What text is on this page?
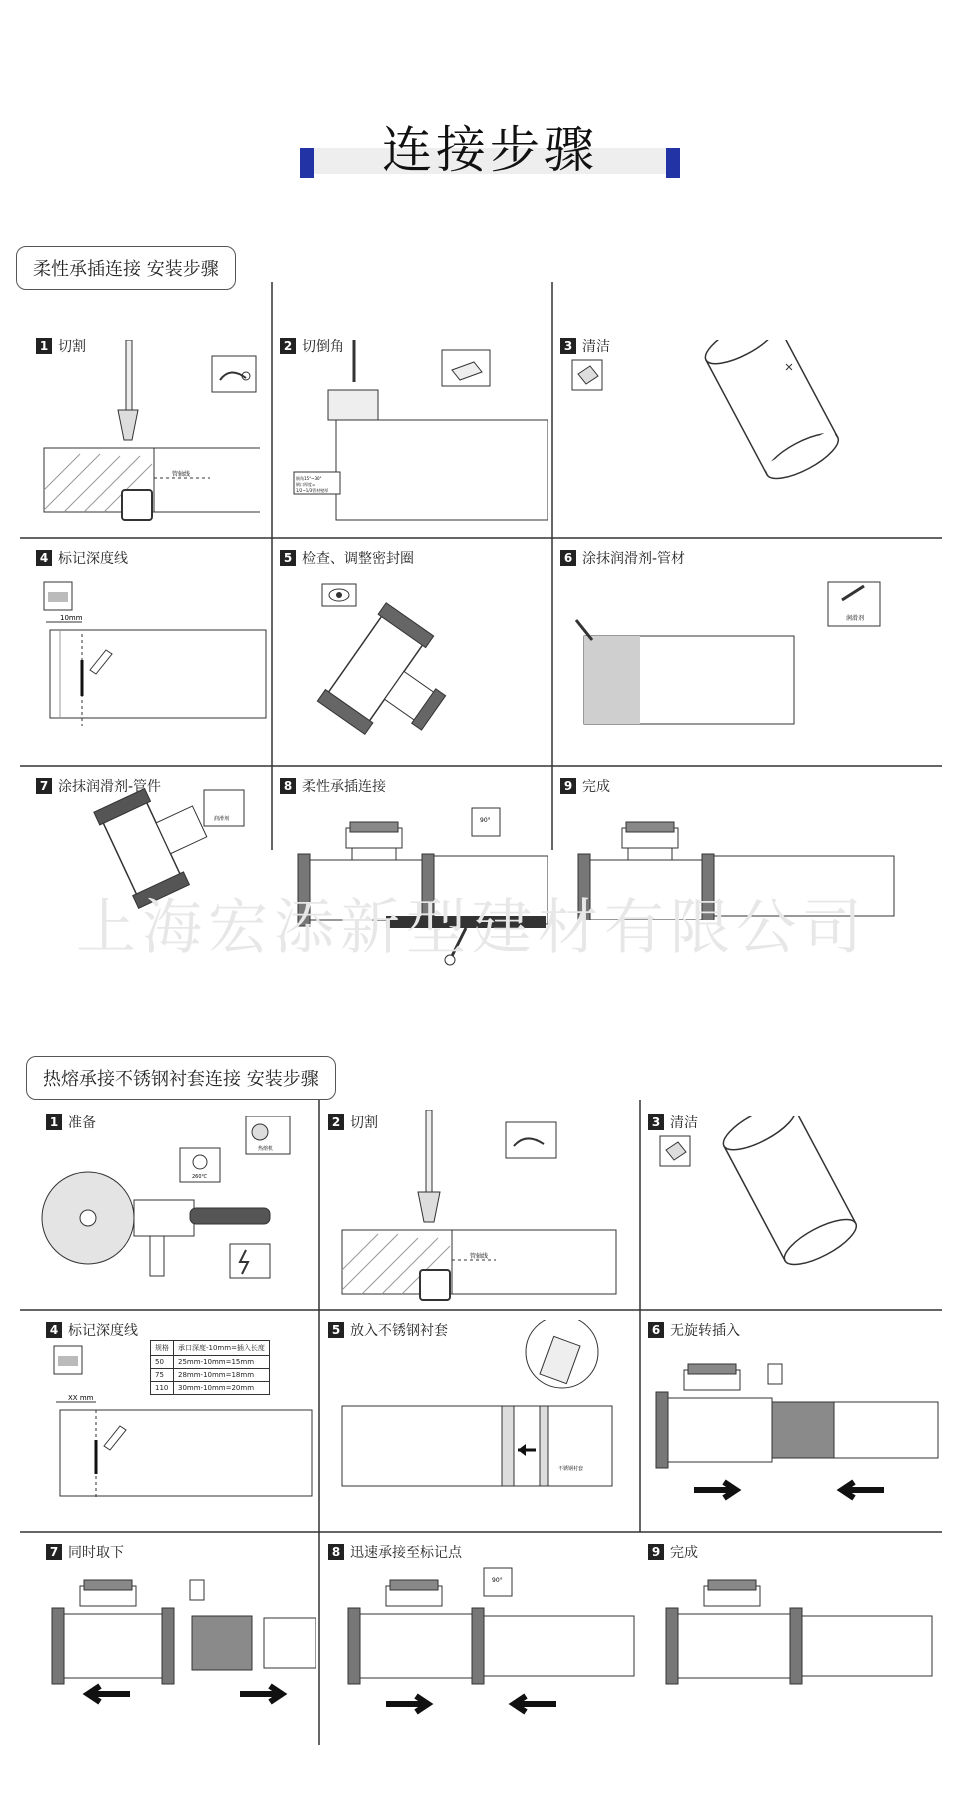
连接步骤
柔性承插连接 安装步骤
1 切割
管轴线
2 切倒角
倒角15°~30°
倒口厚度=
1/2~1/3管材壁厚
3 清洁
4 标记深度线
10mm
5 检查、调整密封圈	6 涂抹润滑剂-管材
润滑剂
7 涂抹润滑剂-管件
润滑剂
8 柔性承插连接
90°
9 完成
上海宏添新型建材有限公司
热熔承接不锈钢衬套连接 安装步骤
1 准备
热熔机
260℃
2 切割
管轴线
3 清洁
4 标记深度线
规格	承口深度-10mm=插入长度
50	25mm-10mm=15mm
75	28mm-10mm=18mm
110	30mm-10mm=20mm
XX mm
5 放入不锈钢衬套
不锈钢衬套
6 无旋转插入
7 同时取下	8 迅速承接至标记点
90°
9 完成
